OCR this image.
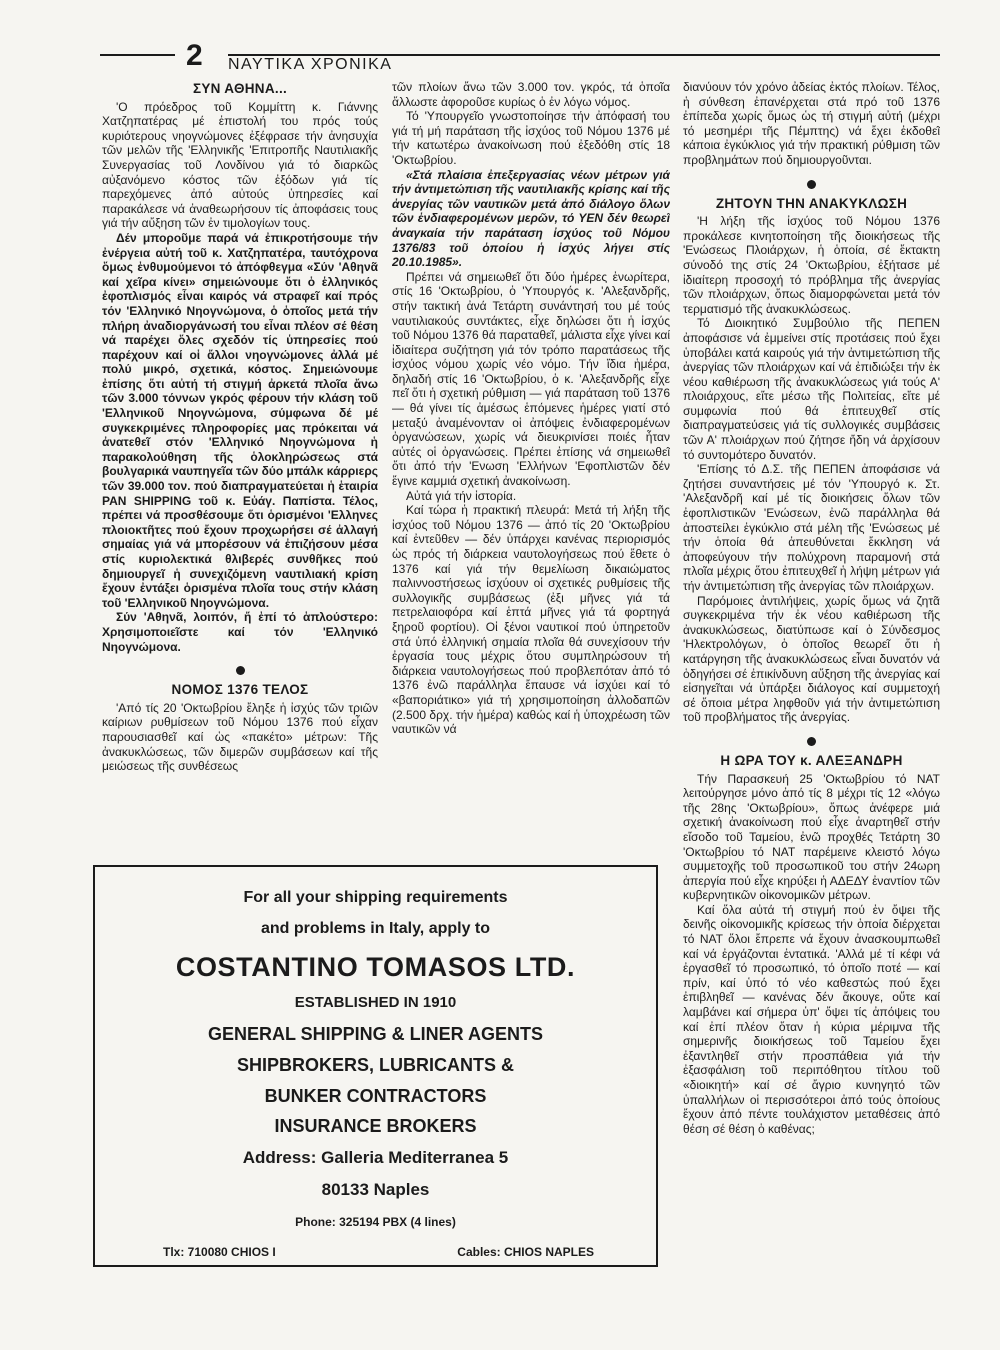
2 ΝΑΥΤΙΚΑ ΧΡΟΝΙΚΑ
ΣΥΝ ΑΘΗΝΑ...

'Ο πρόεδρος τοῦ Κομμίττη κ. Γιάννης Χατζηπατέρας μέ ἐπιστολή του πρός τούς κυριότερους νηογνώμονες ἐξέφρασε τήν ἀνησυχία τῶν μελῶν τῆς 'Ελληνικῆς 'Επιτροπῆς Ναυτιλιακῆς Συνεργασίας τοῦ Λονδίνου γιά τό διαρκῶς αὐξανόμενο κόστος τῶν ἐξόδων γιά τίς παρεχόμενες ἀπό αὐτούς ὑπηρεσίες καί παρακάλεσε νά ἀναθεωρήσουν τίς ἀποφάσεις τους γιά τήν αὔξηση τῶν ἐν τιμολογίων τους.

Δέν μποροῦμε παρά νά ἐπικροτήσουμε τήν ἐνέργεια αὐτή τοῦ κ. Χατζηπατέρα, ταυτόχρονα ὅμως ἐνθυμούμενοι τό ἀπόφθεγμα «Σύν 'Αθηνᾶ καί χεῖρα κίνει» σημειώνουμε ὅτι ὁ ἑλληνικός ἐφοπλισμός εἶναι καιρός νά στραφεῖ καί πρός τόν 'Ελληνικό Νηογνώμονα, ὁ ὁποῖος μετά τήν πλήρη ἀναδιοργάνωσή του εἶναι πλέον σέ θέση νά παρέχει ὅλες σχεδόν τίς ὑπηρεσίες πού παρέχουν καί οἱ ἄλλοι νηογνώμονες ἀλλά μέ πολύ μικρό, σχετικά, κόστος. Σημειώνουμε ἐπίσης ὅτι αὐτή τή στιγμή ἀρκετά πλοῖα ἄνω τῶν 3.000 τόννων γκρός φέρουν τήν κλάση τοῦ 'Ελληνικοῦ Νηογνώμονα, σύμφωνα δέ μέ συγκεκριμένες πληροφορίες μας πρόκειται νά ἀνατεθεῖ στόν 'Ελληνικό Νηογνώμονα ἡ παρακολούθηση τῆς ὁλοκληρώσεως στά βουλγαρικά ναυπηγεῖα τῶν δύο μπάλκ κάρριερς τῶν 39.000 τον. πού διαπραγματεύεται ἡ ἑταιρία PAN SHIPPING τοῦ κ. Εὐάγ. Παπίστα. Τέλος, πρέπει νά προσθέσουμε ὅτι ὁρισμένοι 'Ελληνες πλοιοκτῆτες πού ἔχουν προχωρήσει σέ ἀλλαγή σημαίας γιά νά μπορέσουν νά ἐπιζήσουν μέσα στίς κυριολεκτικά θλιβερές συνθῆκες πού δημιουργεῖ ἡ συνεχιζόμενη ναυτιλιακή κρίση ἔχουν ἐντάξει ὁρισμένα πλοῖα τους στήν κλάση τοῦ 'Ελληνικοῦ Νηογνώμονα.

Σύν 'Αθηνᾶ, λοιπόν, ἤ ἐπί τό ἁπλούστερο: Χρησιμοποιεῖστε καί τόν 'Ελληνικό Νηογνώμονα.

ΝΟΜΟΣ 1376 ΤΕΛΟΣ

'Από τίς 20 'Οκτωβρίου ἔληξε ἡ ἰσχύς τῶν τριῶν καίριων ρυθμίσεων τοῦ Νόμου 1376 πού εἶχαν παρουσιασθεῖ καί ὡς «πακέτο» μέτρων: Τῆς ἀνακυκλώσεως, τῶν διμερῶν συμβάσεων καί τῆς μειώσεως τῆς συνθέσεως

τῶν πλοίων ἄνω τῶν 3.000 τον. γκρός, τά ὁποῖα ἄλλωστε ἀφοροῦσε κυρίως ὁ ἐν λόγω νόμος.

Τό 'Υπουργεῖο γνωστοποίησε τήν ἀπόφασή του γιά τή μή παράταση τῆς ἰσχύος τοῦ Νόμου 1376 μέ τήν κατωτέρω ἀνακοίνωση πού ἐξεδόθη στίς 18 'Οκτωβρίου.

«Στά πλαίσια ἐπεξεργασίας νέων μέτρων γιά τήν ἀντιμετώπιση τῆς ναυτιλιακῆς κρίσης καί τῆς ἀνεργίας τῶν ναυτικῶν μετά ἀπό διάλογο ὅλων τῶν ἐνδιαφερομένων μερῶν, τό ΥΕΝ δέν θεωρεῖ ἀναγκαία τήν παράταση ἰσχύος τοῦ Νόμου 1376/83 τοῦ ὁποίου ἡ ἰσχύς λήγει στίς 20.10.1985».

Πρέπει νά σημειωθεῖ ὅτι δύο ἡμέρες ἐνωρίτερα, στίς 16 'Οκτωβρίου, ὁ 'Υπουργός κ. 'Αλεξανδρῆς, στήν τακτική ἀνά Τετάρτη συνάντησή του μέ τούς ναυτιλιακούς συντάκτες, εἶχε δηλώσει ὅτι ἡ ἰσχύς τοῦ Νόμου 1376 θά παραταθεῖ, μάλιστα εἶχε γίνει καί ἰδιαίτερα συζήτηση γιά τόν τρόπο παρατάσεως τῆς ἰσχύος νόμου χωρίς νέο νόμο. Τήν ἴδια ἡμέρα, δηλαδή στίς 16 'Οκτωβρίου, ὁ κ. 'Αλεξανδρῆς εἶχε πεῖ ὅτι ἡ σχετική ρύθμιση — γιά παράταση τοῦ 1376 — θά γίνει τίς ἀμέσως ἑπόμενες ἡμέρες γιατί στό μεταξύ ἀναμένονταν οἱ ἀπόψεις ἐνδιαφερομένων ὀργανώσεων, χωρίς νά διευκρινίσει ποιές ἦταν αὐτές οἱ ὀργανώσεις. Πρέπει ἐπίσης νά σημειωθεῖ ὅτι ἀπό τήν 'Ενωση 'Ελλήνων 'Εφοπλιστῶν δέν ἔγινε καμμιά σχετική ἀνακοίνωση.

Αὐτά γιά τήν ἱστορία.

Καί τώρα ἡ πρακτική πλευρά: Μετά τή λήξη τῆς ἰσχύος τοῦ Νόμου 1376 — ἀπό τίς 20 'Οκτωβρίου καί ἐντεῦθεν — δέν ὑπάρχει κανένας περιορισμός ὡς πρός τή διάρκεια ναυτολογήσεως πού ἔθετε ὁ 1376 καί γιά τήν θεμελίωση δικαιώματος παλιννοστήσεως ἰσχύουν οἱ σχετικές ρυθμίσεις τῆς συλλογικῆς συμβάσεως (ἐξι μῆνες γιά τά πετρελαιοφόρα καί ἑπτά μῆνες γιά τά φορτηγά ξηροῦ φορτίου). Οἱ ξένοι ναυτικοί πού ὑπηρετοῦν στά ὑπό ἑλληνική σημαία πλοῖα θά συνεχίσουν τήν ἐργασία τους μέχρις ὅτου συμπληρώσουν τή διάρκεια ναυτολογήσεως πού προβλεπόταν ἀπό τό 1376 ἐνῶ παράλληλα ἔπαυσε νά ἰσχύει καί τό «βαποριάτικο» γιά τή χρησιμοποίηση ἀλλοδαπῶν (2.500 δρχ. τήν ἡμέρα) καθώς καί ἡ ὑποχρέωση τῶν ναυτικῶν νά

διανύουν τόν χρόνο ἀδείας ἐκτός πλοίων. Τέλος, ἡ σύνθεση ἐπανέρχεται στά πρό τοῦ 1376 ἐπίπεδα χωρίς ὅμως ὡς τή στιγμή αὐτή (μέχρι τό μεσημέρι τῆς Πέμπτης) νά ἔχει ἐκδοθεῖ κάποια ἐγκύκλιος γιά τήν πρακτική ρύθμιση τῶν προβλημάτων πού δημιουργοῦνται.

ΖΗΤΟΥΝ ΤΗΝ ΑΝΑΚΥΚΛΩΣΗ

'Η λήξη τῆς ἰσχύος τοῦ Νόμου 1376 προκάλεσε κινητοποίηση τῆς διοικήσεως τῆς 'Ενώσεως Πλοιάρχων, ἡ ὁποία, σέ ἔκτακτη σύνοδό της στίς 24 'Οκτωβρίου, ἐξήτασε μέ ἰδιαίτερη προσοχή τό πρόβλημα τῆς ἀνεργίας τῶν πλοιάρχων, ὅπως διαμορφώνεται μετά τόν τερματισμό τῆς ἀνακυκλώσεως.

Τό Διοικητικό Συμβούλιο τῆς ΠΕΠΕΝ ἀποφάσισε νά ἐμμείνει στίς προτάσεις πού ἔχει ὑποβάλει κατά καιρούς γιά τήν ἀντιμετώπιση τῆς ἀνεργίας τῶν πλοιάρχων καί νά ἐπιδιώξει τήν ἐκ νέου καθιέρωση τῆς ἀνακυκλώσεως γιά τούς Α' πλοιάρχους, εἴτε μέσω τῆς Πολιτείας, εἴτε μέ συμφωνία πού θά ἐπιτευχθεῖ στίς διαπραγματεύσεις γιά τίς συλλογικές συμβάσεις τῶν Α' πλοιάρχων πού ζήτησε ἤδη νά ἀρχίσουν τό συντομότερο δυνατόν.

'Επίσης τό Δ.Σ. τῆς ΠΕΠΕΝ ἀποφάσισε νά ζητήσει συναντήσεις μέ τόν 'Υπουργό κ. Στ. 'Αλεξανδρῆ καί μέ τίς διοικήσεις ὅλων τῶν ἐφοπλιστικῶν 'Ενώσεων, ἐνῶ παράλληλα θά ἀποστείλει ἐγκύκλιο στά μέλη τῆς 'Ενώσεως μέ τήν ὁποία θά ἀπευθύνεται ἔκκληση νά ἀποφεύγουν τήν πολύχρονη παραμονή στά πλοῖα μέχρις ὅτου ἐπιτευχθεῖ ἡ λήψη μέτρων γιά τήν ἀντιμετώπιση τῆς ἀνεργίας τῶν πλοιάρχων.

Παρόμοιες ἀντιλήψεις, χωρίς ὅμως νά ζητᾶ συγκεκριμένα τήν ἐκ νέου καθιέρωση τῆς ἀνακυκλώσεως, διατύπωσε καί ὁ Σύνδεσμος 'Ηλεκτρολόγων, ὁ ὁποῖος θεωρεῖ ὅτι ἡ κατάργηση τῆς ἀνακυκλώσεως εἶναι δυνατόν νά ὁδηγήσει σέ ἐπικίνδυνη αὔξηση τῆς ἀνεργίας καί εἰσηγεῖται νά ὑπάρξει διάλογος καί συμμετοχή σέ ὅποια μέτρα ληφθοῦν γιά τήν ἀντιμετώπιση τοῦ προβλήματος τῆς ἀνεργίας.

Η ΩΡΑ ΤΟΥ κ. ΑΛΕΞΑΝΔΡΗ

Τήν Παρασκευή 25 'Οκτωβρίου τό ΝΑΤ λειτούργησε μόνο ἀπό τίς 8 μέχρι τίς 12 «λόγω τῆς 28ης 'Οκτωβρίου», ὅπως ἀνέφερε μιά σχετική ἀνακοίνωση πού εἶχε ἀναρτηθεῖ στήν εἴσοδο τοῦ Ταμείου, ἐνῶ προχθές Τετάρτη 30 'Οκτωβρίου τό ΝΑΤ παρέμεινε κλειστό λόγω συμμετοχῆς τοῦ προσωπικοῦ του στήν 24ωρη ἀπεργία πού εἶχε κηρύξει ἡ ΑΔΕΔΥ ἐναντίον τῶν κυβερνητικῶν οἰκονομικῶν μέτρων.

Καί ὅλα αὐτά τή στιγμή πού ἐν ὄψει τῆς δεινῆς οἰκονομικῆς κρίσεως τήν ὁποία διέρχεται τό ΝΑΤ ὅλοι ἔπρεπε νά ἔχουν ἀνασκουμπωθεῖ καί νά ἐργάζονται ἐντατικά. 'Αλλά μέ τί κέφι νά ἐργασθεῖ τό προσωπικό, τό ὁποῖο ποτέ — καί πρίν, καί ὑπό τό νέο καθεστώς πού ἔχει ἐπιβληθεῖ — κανένας δέν ἄκουγε, οὔτε καί λαμβάνει καί σήμερα ὑπ' ὄψει τίς ἀπόψεις του καί ἐπί πλέον ὅταν ἡ κύρια μέριμνα τῆς σημερινῆς διοικήσεως τοῦ Ταμείου ἔχει ἐξαντληθεῖ στήν προσπάθεια γιά τήν ἐξασφάλιση τοῦ περιπόθητου τίτλου τοῦ «διοικητή» καί σέ ἄγριο κυνηγητό τῶν ὑπαλλήλων οἱ περισσότεροι ἀπό τούς ὁποίους ἔχουν ἀπό πέντε τουλάχιστον μεταθέσεις ἀπό θέση σέ θέση ὁ καθένας;

For all your shipping requirements
and problems in Italy, apply to
COSTANTINO TOMASOS LTD.
ESTABLISHED IN 1910
GENERAL SHIPPING & LINER AGENTS
SHIPBROKERS, LUBRICANTS &
BUNKER CONTRACTORS
INSURANCE BROKERS
Address: Galleria Mediterranea 5
80133 Naples
Phone: 325194 PBX (4 lines)
Tlx: 710080 CHIOS I	Cables: CHIOS NAPLES
